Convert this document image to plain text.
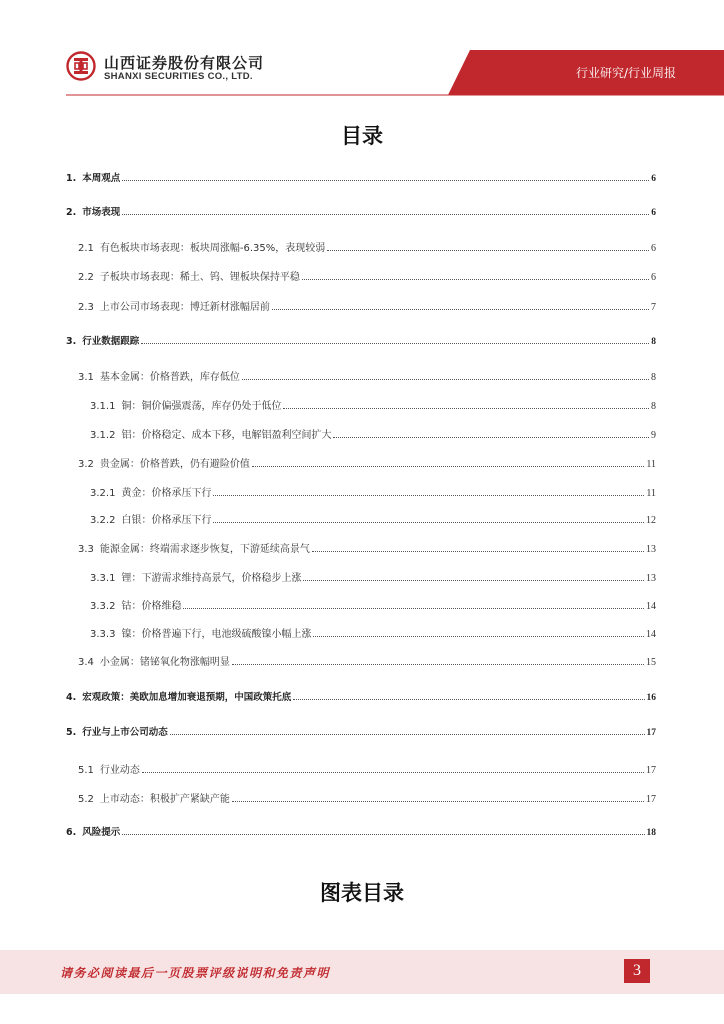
山西证券股份有限公司
SHANXI SECURITIES CO., LTD.	行业研究/行业周报
目录
1. 本周观点	6
2. 市场表现	6
2.1 有色板块市场表现：板块周涨幅-6.35%，表现较弱	6
2.2 子板块市场表现：稀土、钨、锂板块保持平稳	6
2.3 上市公司市场表现：博迁新材涨幅居前	7
3. 行业数据跟踪	8
3.1 基本金属：价格普跌，库存低位	8
3.1.1 铜：铜价偏强震荡，库存仍处于低位	8
3.1.2 铝：价格稳定、成本下移，电解铝盈利空间扩大	9
3.2 贵金属：价格普跌，仍有避险价值	11
3.2.1 黄金：价格承压下行	11
3.2.2 白银：价格承压下行	12
3.3 能源金属：终端需求逐步恢复，下游延续高景气	13
3.3.1 锂：下游需求维持高景气，价格稳步上涨	13
3.3.2 钴：价格维稳	14
3.3.3 镍：价格普遍下行，电池级硫酸镍小幅上涨	14
3.4 小金属：锗铋氧化物涨幅明显	15
4. 宏观政策：美欧加息增加衰退预期，中国政策托底	16
5. 行业与上市公司动态	17
5.1 行业动态	17
5.2 上市动态：积极扩产紧缺产能	17
6. 风险提示	18
图表目录
请务必阅读最后一页股票评级说明和免责声明	3
